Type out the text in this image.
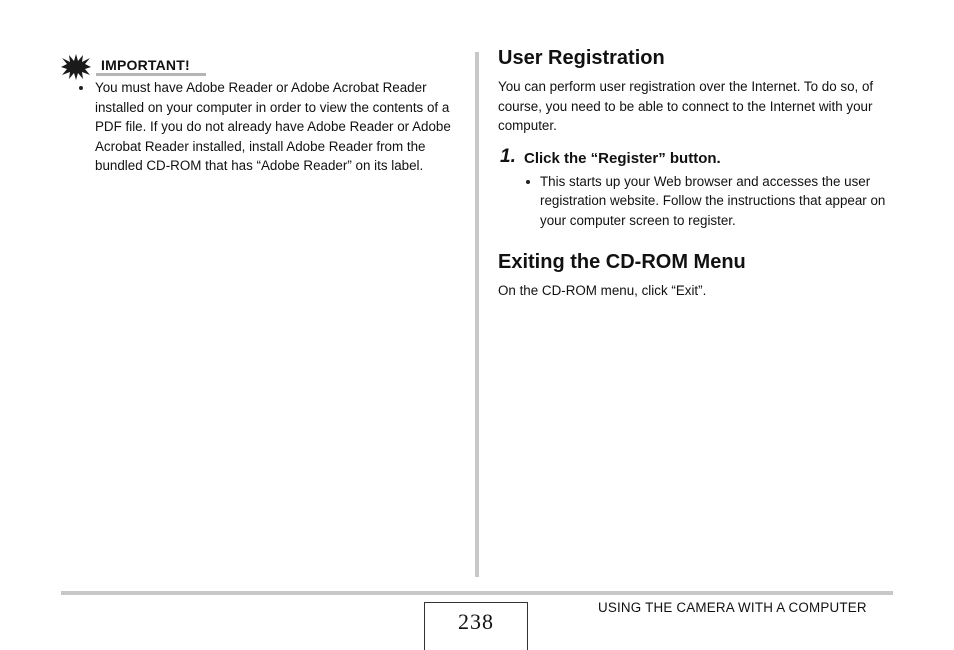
IMPORTANT!
You must have Adobe Reader or Adobe Acrobat Reader installed on your computer in order to view the contents of a PDF file. If you do not already have Adobe Reader or Adobe Acrobat Reader installed, install Adobe Reader from the bundled CD-ROM that has “Adobe Reader” on its label.
User Registration
You can perform user registration over the Internet. To do so, of course, you need to be able to connect to the Internet with your computer.
1. Click the “Register” button.
This starts up your Web browser and accesses the user registration website. Follow the instructions that appear on your computer screen to register.
Exiting the CD-ROM Menu
On the CD-ROM menu, click “Exit”.
238
USING THE CAMERA WITH A COMPUTER
